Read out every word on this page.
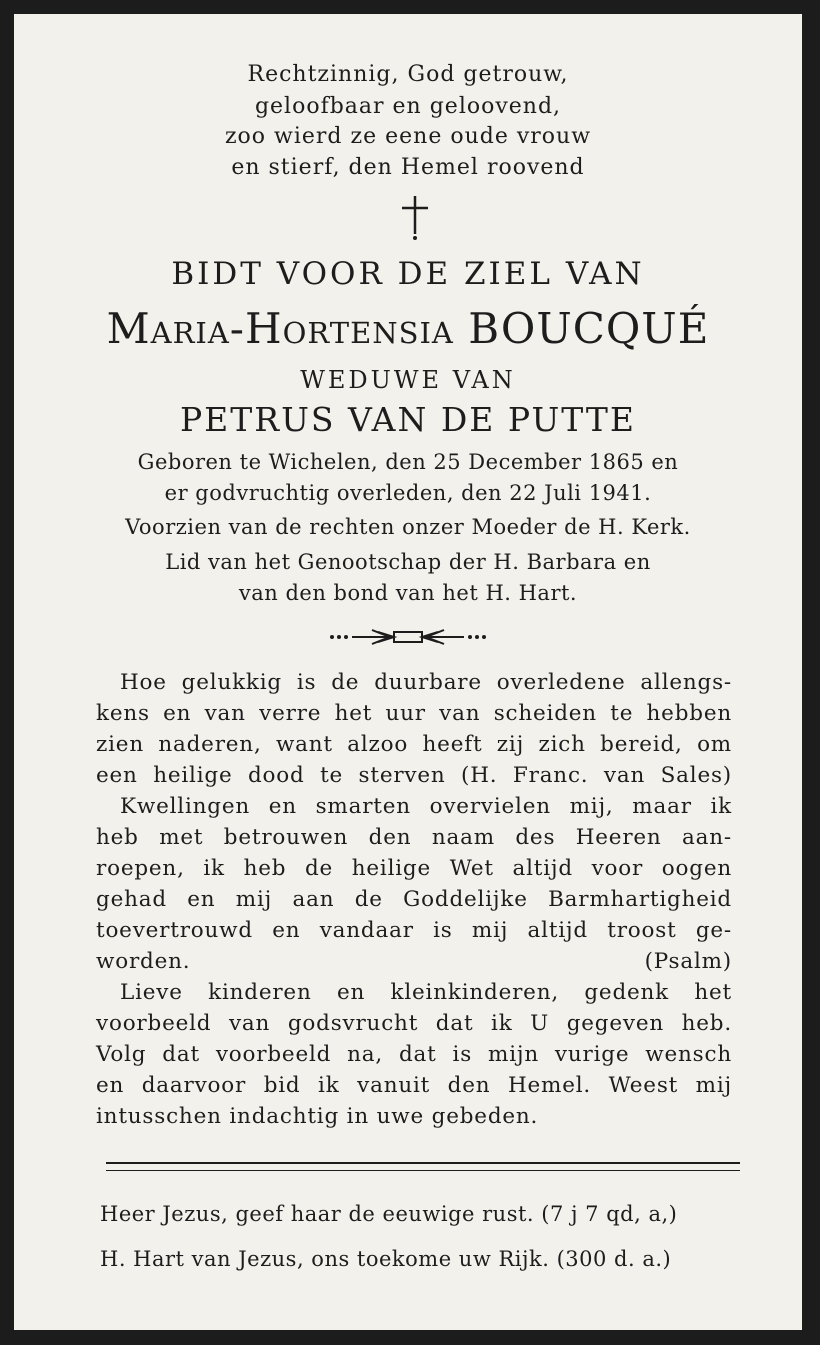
Rechtzinnig, God getrouw,
geloofbaar en geloovend,
zoo wierd ze eene oude vrouw
en stierf, den Hemel roovend
BIDT VOOR DE ZIEL VAN
Maria-Hortensia BOUCQUÉ
WEDUWE VAN
PETRUS VAN DE PUTTE
Geboren te Wichelen, den 25 December 1865 en
er godvruchtig overleden, den 22 Juli 1941.
Voorzien van de rechten onzer Moeder de H. Kerk.
Lid van het Genootschap der H. Barbara en
van den bond van het H. Hart.
Hoe gelukkig is de duurbare overledene allengs-
kens en van verre het uur van scheiden te hebben
zien naderen, want alzoo heeft zij zich bereid, om
een heilige dood te sterven (H. Franc. van Sales)
Kwellingen en smarten overvielen mij, maar ik
heb met betrouwen den naam des Heeren aan-
roepen, ik heb de heilige Wet altijd voor oogen
gehad en mij aan de Goddelijke Barmhartigheid
toevertrouwd en vandaar is mij altijd troost ge-
worden.	(Psalm)
Lieve kinderen en kleinkinderen, gedenk het
voorbeeld van godsvrucht dat ik U gegeven heb.
Volg dat voorbeeld na, dat is mijn vurige wensch
en daarvoor bid ik vanuit den Hemel. Weest mij
intusschen indachtig in uwe gebeden.
Heer Jezus, geef haar de eeuwige rust. (7 j 7 qd, a,)
H. Hart van Jezus, ons toekome uw Rijk. (300 d. a.)
